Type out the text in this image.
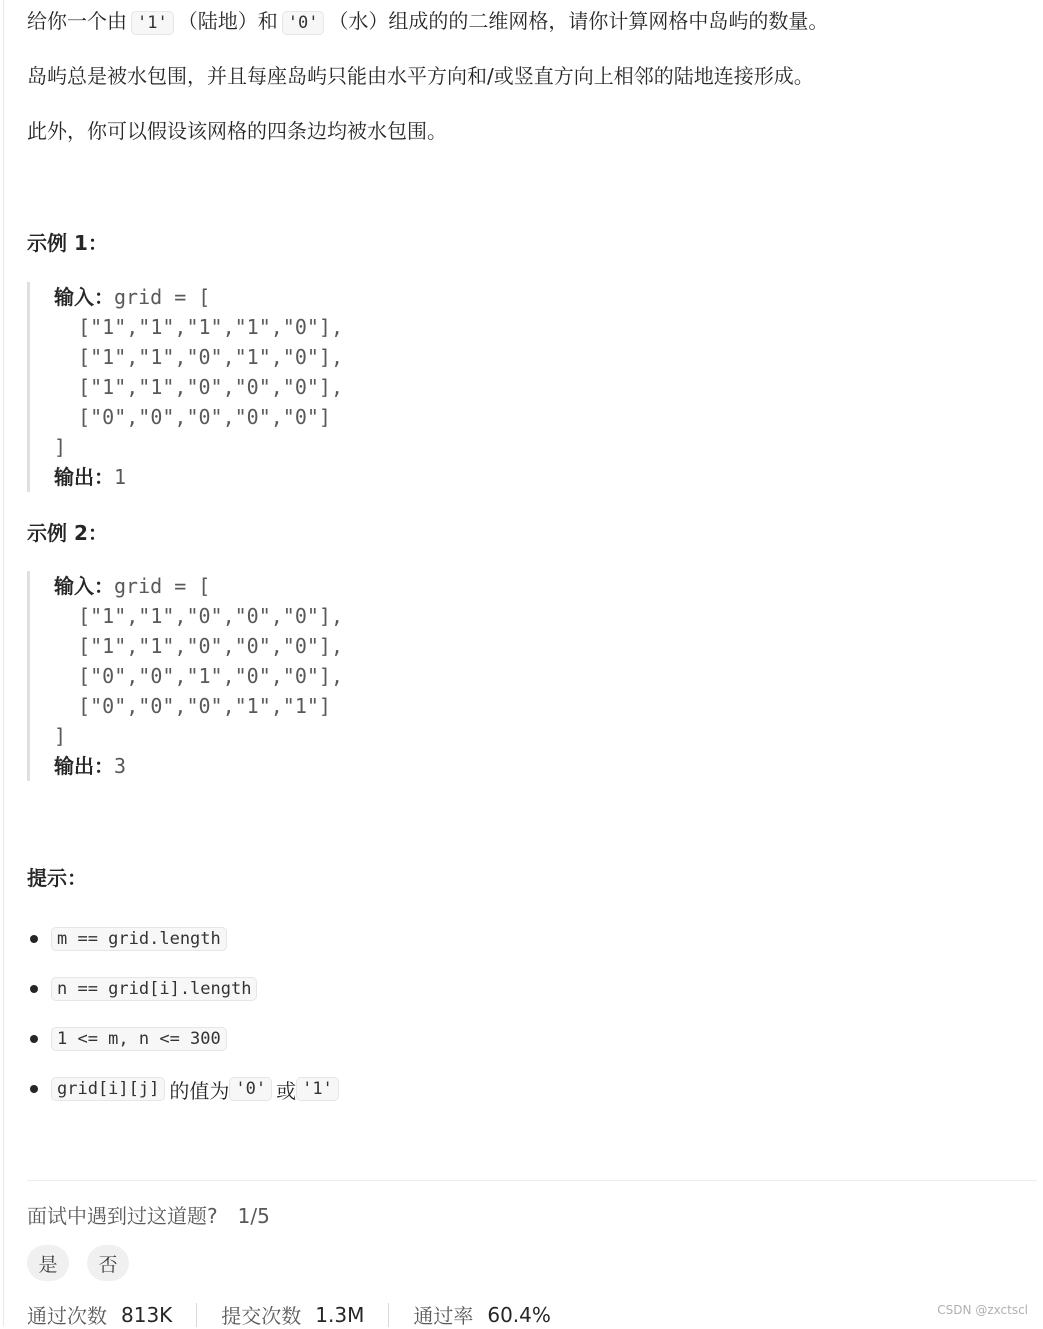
给你一个由 '1' （陆地）和 '0' （水）组成的的二维网格，请你计算网格中岛屿的数量。
岛屿总是被水包围，并且每座岛屿只能由水平方向和/或竖直方向上相邻的陆地连接形成。
此外，你可以假设该网格的四条边均被水包围。
示例 1：
输入：grid = [
["1","1","1","1","0"],
["1","1","0","1","0"],
["1","1","0","0","0"],
["0","0","0","0","0"]
]
输出：1
示例 2：
输入：grid = [
["1","1","0","0","0"],
["1","1","0","0","0"],
["0","0","1","0","0"],
["0","0","0","1","1"]
]
输出：3
提示：
m == grid.length
n == grid[i].length
1 <= m, n <= 300
grid[i][j] 的值为 '0' 或 '1'
面试中遇到过这道题? 1/5
是	否
通过次数 813K 提交次数 1.3M 通过率 60.4%	CSDN @zxctscl
